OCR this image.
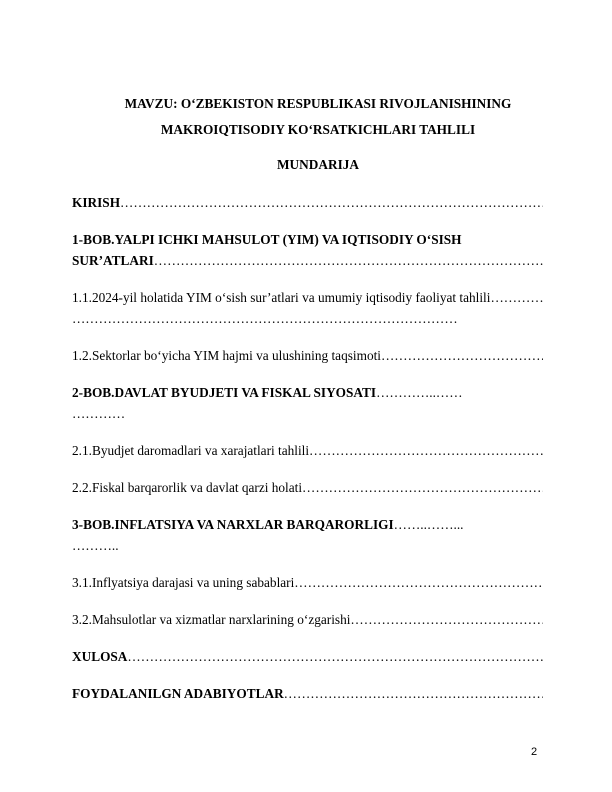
MAVZU: O‘ZBEKISTON RESPUBLIKASI RIVOJLANISHINING
MAKROIQTISODIY KO‘RSATKICHLARI TAHLILI
MUNDARIJA
KIRISH
………………………………………………………………………………………………………………………………………………………………………………
1-BOB.YALPI ICHKI MAHSULOT (YIM) VA IQTISODIY O‘SISH
SUR’ATLARI
………………………………………………………………………………………………………………………………………………………………………………
1.1.2024-yil holatida YIM o‘sish sur’atlari va umumiy iqtisodiy faoliyat tahlili
………………………………………………………………………………………………………………………………………………………………………………
……………………………………………………………………………
1.2.Sektorlar bo‘yicha YIM hajmi va ulushining taqsimoti
………………………………………………………………………………………………………………………………………………………………………………
2-BOB.DAVLAT BYUDJETI VA FISKAL SIYOSATI…………..……
…………
2.1.Byudjet daromadlari va xarajatlari tahlili
………………………………………………………………………………………………………………………………………………………………………………
2.2.Fiskal barqarorlik va davlat qarzi holati
………………………………………………………………………………………………………………………………………………………………………………
3-BOB.INFLATSIYA VA NARXLAR BARQARORLIGI……..……...
………..
3.1.Inflyatsiya darajasi va uning sabablari
………………………………………………………………………………………………………………………………………………………………………………
3.2.Mahsulotlar va xizmatlar narxlarining o‘zgarishi
………………………………………………………………………………………………………………………………………………………………………………
XULOSA
………………………………………………………………………………………………………………………………………………………………………………
FOYDALANILGN ADABIYOTLAR
………………………………………………………………………………………………………………………………………………………………………………
2
